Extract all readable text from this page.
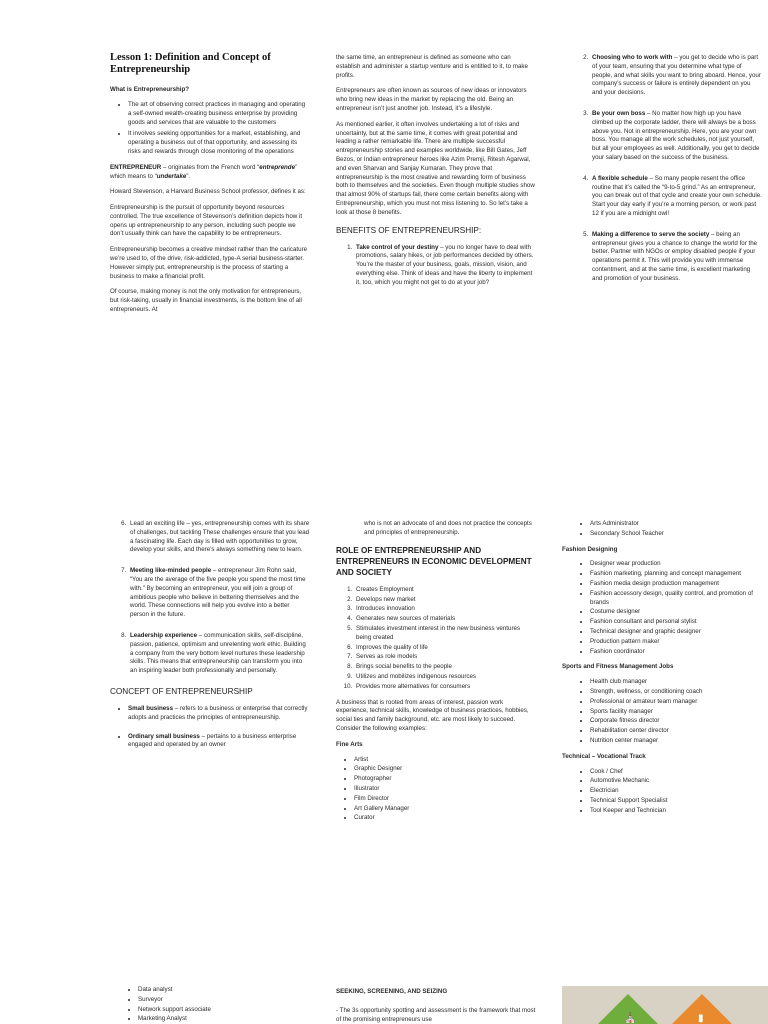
Lesson 1: Definition and Concept of Entrepreneurship
What is Entrepreneurship?
• The art of observing correct practices in managing and operating a self-owned wealth-creating business enterprise by providing goods and services that are valuable to the customers
• It involves seeking opportunities for a market, establishing, and operating a business out of that opportunity, and assessing its risks and rewards through close monitoring of the operations

ENTREPRENEUR – originates from the French word “entreprende” which means to “undertake”.

Howard Stevenson, a Harvard Business School professor, defines it as:

Entrepreneurship is the pursuit of opportunity beyond resources controlled. The true excellence of Stevenson’s definition depicts how it opens up entrepreneurship to any person, including such people we don’t usually think can have the capability to be entrepreneurs.

Entrepreneurship becomes a creative mindset rather than the caricature we’re used to, of the drive, risk-addicted, type-A serial business-starter. However simply put, entrepreneurship is the process of starting a business to make a financial profit.

Of course, making money is not the only motivation for entrepreneurs, but risk-taking, usually in financial investments, is the bottom line of all entrepreneurs. At

the same time, an entrepreneur is defined as someone who can establish and administer a startup venture and is entitled to it, to make profits.

Entrepreneurs are often known as sources of new ideas or innovators who bring new ideas in the market by replacing the old. Being an entrepreneur isn’t just another job. Instead, it’s a lifestyle.

As mentioned earlier, it often involves undertaking a lot of risks and uncertainty, but at the same time, it comes with great potential and leading a rather remarkable life. There are multiple successful entrepreneurship stories and examples worldwide, like Bill Gates, Jeff Bezos, or Indian entrepreneur heroes like Azim Premji, Ritesh Agarwal, and even Sharvan and Sanjay Kumaran. They prove that entrepreneurship is the most creative and rewarding form of business both to themselves and the societies. Even though multiple studies show that almost 90% of startups fail, there come certain benefits along with Entrepreneurship, which you must not miss listening to. So let’s take a look at those 8 benefits.

BENEFITS OF ENTREPRENEURSHIP:
1. Take control of your destiny – you no longer have to deal with promotions, salary hikes, or job performances decided by others. You’re the master of your business, goals, mission, vision, and everything else. Think of ideas and have the liberty to implement it, too, which you might not get to do at your job?
2. Choosing who to work with – you get to decide who is part of your team, ensuring that you determine what type of people, and what skills you want to bring aboard. Hence, your company’s success or failure is entirely dependent on you and your decisions.
3. Be your own boss – No matter how high up you have climbed up the corporate ladder, there will always be a boss above you. Not in entrepreneurship. Here, you are your own boss. You manage all the work schedules, not just yourself, but all your employees as well. Additionally, you get to decide your salary based on the success of the business.
4. A flexible schedule – So many people resent the office routine that it’s called the “9-to-5 grind.” As an entrepreneur, you can break out of that cycle and create your own schedule. Start your day early if you’re a morning person, or work past 12 if you are a midnight owl!
5. Making a difference to serve the society – being an entrepreneur gives you a chance to change the world for the better. Partner with NGOs or employ disabled people if your operations permit it. This will provide you with immense contentment, and at the same time, is excellent marketing and promotion of your business.
6. Lead an exciting life – yes, entrepreneurship comes with its share of challenges, but tackling These challenges ensure that you lead a fascinating life. Each day is filled with opportunities to grow, develop your skills, and there’s always something new to learn.
7. Meeting like-minded people – entrepreneur Jim Rohn said, “You are the average of the five people you spend the most time with.” By becoming an entrepreneur, you will join a group of ambitious people who believe in bettering themselves and the world. These connections will help you evolve into a better person in the future.
8. Leadership experience – communication skills, self-discipline, passion, patience, optimism and unrelenting work ethic. Building a company from the very bottom level nurtures these leadership skills. This means that entrepreneurship can transform you into an inspiring leader both professionally and personally.
CONCEPT OF ENTREPRENEURSHIP
• Small business – refers to a business or enterprise that correctly adopts and practices the principles of entrepreneurship.
• Ordinary small business – pertains to a business enterprise engaged and operated by an owner

who is not an advocate of and does not practice the concepts and principles of entrepreneurship.

ROLE OF ENTREPRENEURSHIP AND ENTREPRENEURS IN ECONOMIC DEVELOPMENT AND SOCIETY
1. Creates Employment
2. Develops new market
3. Introduces innovation
4. Generates new sources of materials
5. Stimulates investment interest in the new business ventures being created
6. Improves the quality of life
7. Serves as role models
8. Brings social benefits to the people
9. Utilizes and mobilizes indigenous resources
10. Provides more alternatives for consumers

A business that is rooted from areas of interest, passion work experience, technical skills, knowledge of business practices, hobbies, social ties and family background, etc. are most likely to succeed. Consider the following examples:

Fine Arts
• Artist
• Graphic Designer
• Photographer
• Illustrator
• Film Director
• Art Gallery Manager
• Curator
• Arts Administrator
• Secondary School Teacher
Fashion Designing
• Designer wear production
• Fashion marketing, planning and concept management
• Fashion media design production management
• Fashion accessory design, quality control, and promotion of brands
• Costume designer
• Fashion consultant and personal stylist
• Technical designer and graphic designer
• Production pattern maker
• Fashion coordinator
Sports and Fitness Management Jobs
• Health club manager
• Strength, wellness, or conditioning coach
• Professional or amateur team manager
• Sports facility manager
• Corporate fitness director
• Rehabilitation center director
• Nutrition center manager
Technical – Vocational Track
• Cook / Chef
• Automotive Mechanic
• Electrician
• Technical Support Specialist
• Tool Keeper and Technician
• Data analyst
• Surveyor
• Network support associate
• Marketing Analyst
SEEKING, SCREENING, AND SEIZING

- The 3s opportunity spotting and assessment is the framework that most of the promising entrepreneurs use	⛪	▮
